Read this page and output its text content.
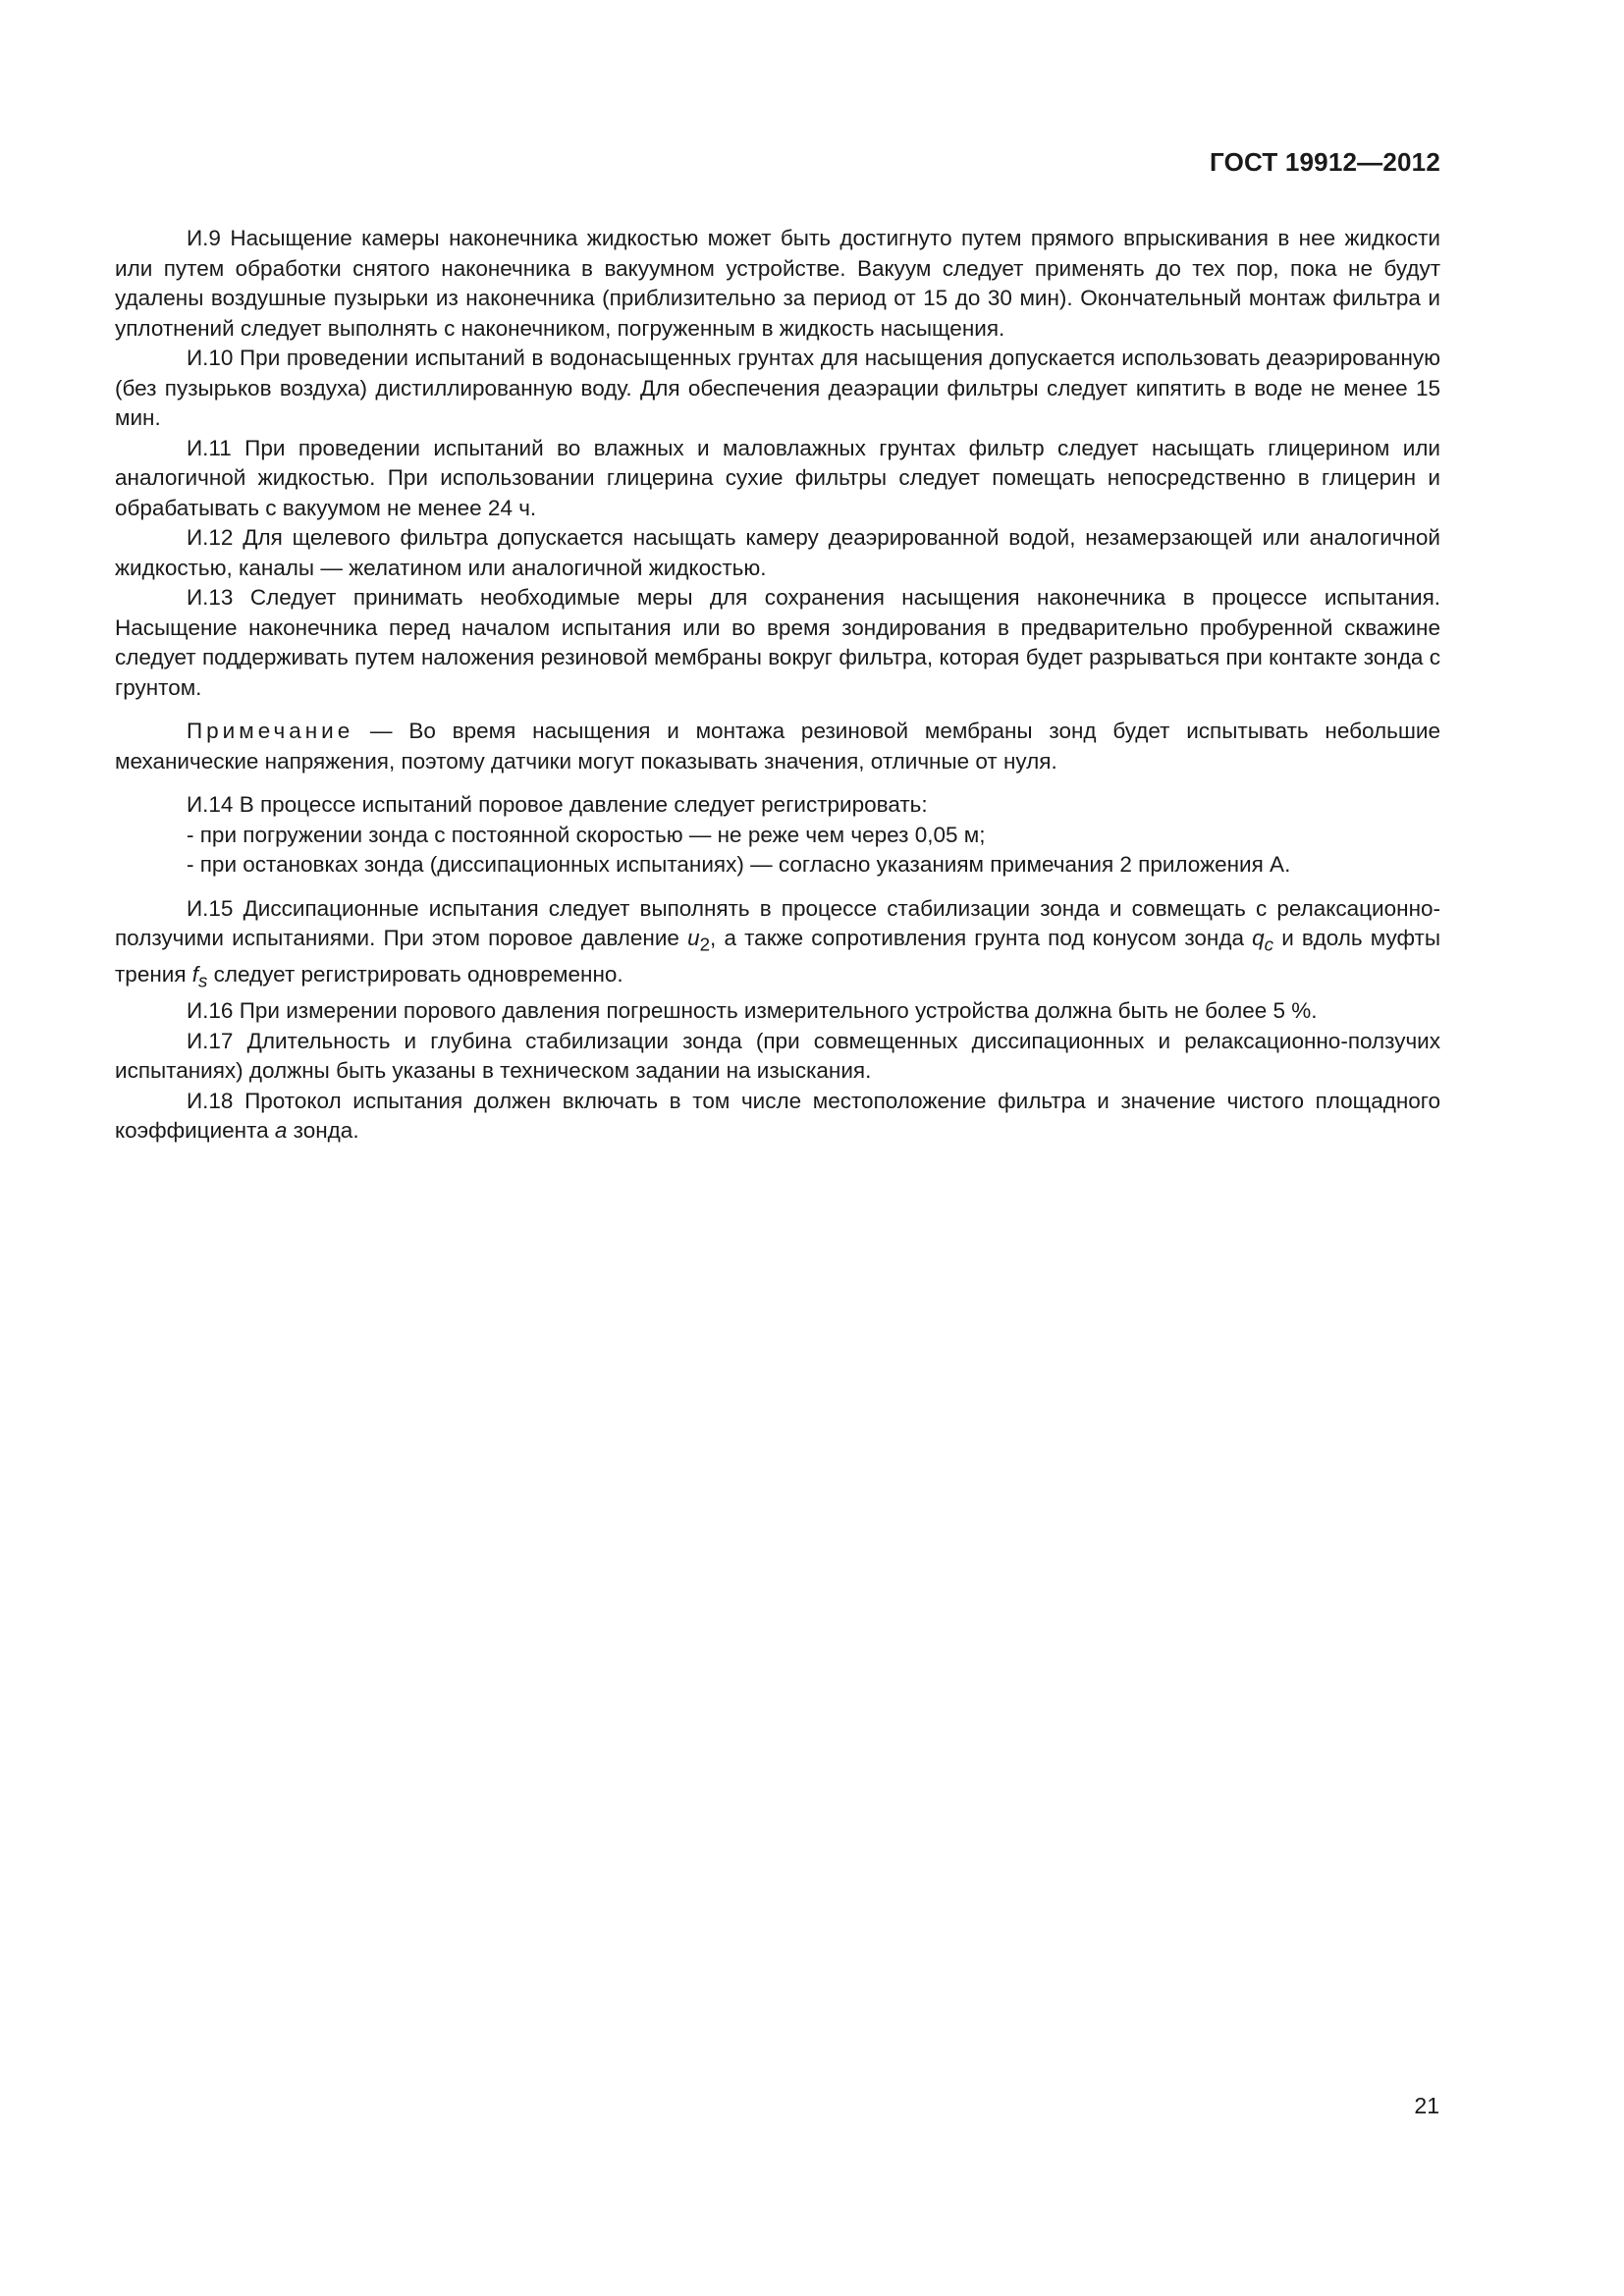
ГОСТ 19912—2012

И.9 Насыщение камеры наконечника жидкостью может быть достигнуто путем прямого впрыскивания в нее жидкости или путем обработки снятого наконечника в вакуумном устройстве. Вакуум следует применять до тех пор, пока не будут удалены воздушные пузырьки из наконечника (приблизительно за период от 15 до 30 мин). Окончательный монтаж фильтра и уплотнений следует выполнять с наконечником, погруженным в жидкость насыщения.

И.10 При проведении испытаний в водонасыщенных грунтах для насыщения допускается использовать деаэрированную (без пузырьков воздуха) дистиллированную воду. Для обеспечения деаэрации фильтры следует кипятить в воде не менее 15 мин.

И.11 При проведении испытаний во влажных и маловлажных грунтах фильтр следует насыщать глицерином или аналогичной жидкостью. При использовании глицерина сухие фильтры следует помещать непосредственно в глицерин и обрабатывать с вакуумом не менее 24 ч.

И.12 Для щелевого фильтра допускается насыщать камеру деаэрированной водой, незамерзающей или аналогичной жидкостью, каналы — желатином или аналогичной жидкостью.

И.13 Следует принимать необходимые меры для сохранения насыщения наконечника в процессе испытания. Насыщение наконечника перед началом испытания или во время зондирования в предварительно пробуренной скважине следует поддерживать путем наложения резиновой мембраны вокруг фильтра, которая будет разрываться при контакте зонда с грунтом.

Примечание — Во время насыщения и монтажа резиновой мембраны зонд будет испытывать небольшие механические напряжения, поэтому датчики могут показывать значения, отличные от нуля.

И.14 В процессе испытаний поровое давление следует регистрировать:

- при погружении зонда с постоянной скоростью — не реже чем через 0,05 м;

- при остановках зонда (диссипационных испытаниях) — согласно указаниям примечания 2 приложения А.

И.15 Диссипационные испытания следует выполнять в процессе стабилизации зонда и совмещать с релаксационно-ползучими испытаниями. При этом поровое давление $u_2$, а также сопротивления грунта под конусом зонда $q_c$ и вдоль муфты трения $f_s$ следует регистрировать одновременно.

И.16 При измерении порового давления погрешность измерительного устройства должна быть не более 5 %.

И.17 Длительность и глубина стабилизации зонда (при совмещенных диссипационных и релаксационно-ползучих испытаниях) должны быть указаны в техническом задании на изыскания.

И.18 Протокол испытания должен включать в том числе местоположение фильтра и значение чистого площадного коэффициента a зонда.

21
